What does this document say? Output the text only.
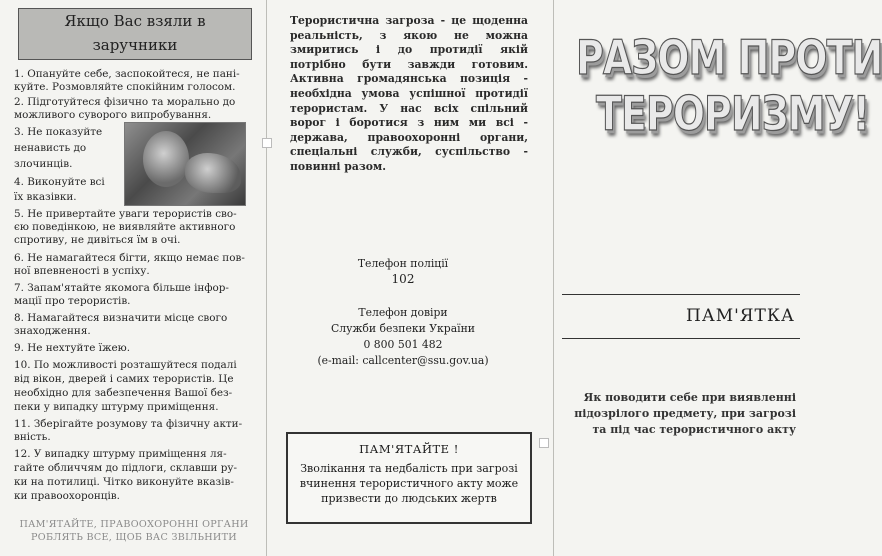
Якщо Вас взяли в
заручники
1. Опануйте себе, заспокойтеся, не пані-
куйте. Розмовляйте спокійним голосом.
2. Підготуйтеся фізично та морально до
можливого суворого випробування.
3. Не показуйте
ненависть до
злочинців.
4. Виконуйте всі
їх вказівки.
5. Не привертайте уваги терористів сво-
єю поведінкою, не виявляйте активного
спротиву, не дивіться їм в очі.
6. Не намагайтеся бігти, якщо немає пов-
ної впевненості в успіху.
7. Запам'ятайте якомога більше інфор-
мації про терористів.
8. Намагайтеся визначити місце свого
знаходження.
9. Не нехтуйте їжею.
10. По можливості розташуйтеся подалі
від вікон, дверей і самих терористів. Це
необхідно для забезпечення Вашої без-
пеки у випадку штурму приміщення.
11. Зберігайте розумову та фізичну акти-
вність.
12. У випадку штурму приміщення ля-
гайте обличчям до підлоги, склавши ру-
ки на потилиці. Чітко виконуйте вказів-
ки правоохоронців.
ПАМ'ЯТАЙТЕ, ПРАВООХОРОННІ ОРГАНИ
РОБЛЯТЬ ВСЕ, ЩОБ ВАС ЗВІЛЬНИТИ
Терористична загроза - це щоденна реальність, з якою не можна змиритись і до протидії якій потрібно бути завжди готовим. Активна громадянська позиція - необхідна умова успішної протидії терористам. У нас всіх спільний ворог і боротися з ним ми всі - держава, правоохоронні органи, спеціальні служби, суспільство - повинні разом.
Телефон поліції
102
Телефон довіри
Служби безпеки України
0 800 501 482
(e-mail: callcenter@ssu.gov.ua)
ПАМ'ЯТАЙТЕ !
Зволікання та недбалість при загрозі вчинення терористичного акту може призвести до людських жертв
РАЗОМ ПРОТИ
ТЕРОРИЗМУ!
ПАМ'ЯТКА
Як поводити себе при виявленні
підозрілого предмету, при загрозі
та під час терористичного акту
